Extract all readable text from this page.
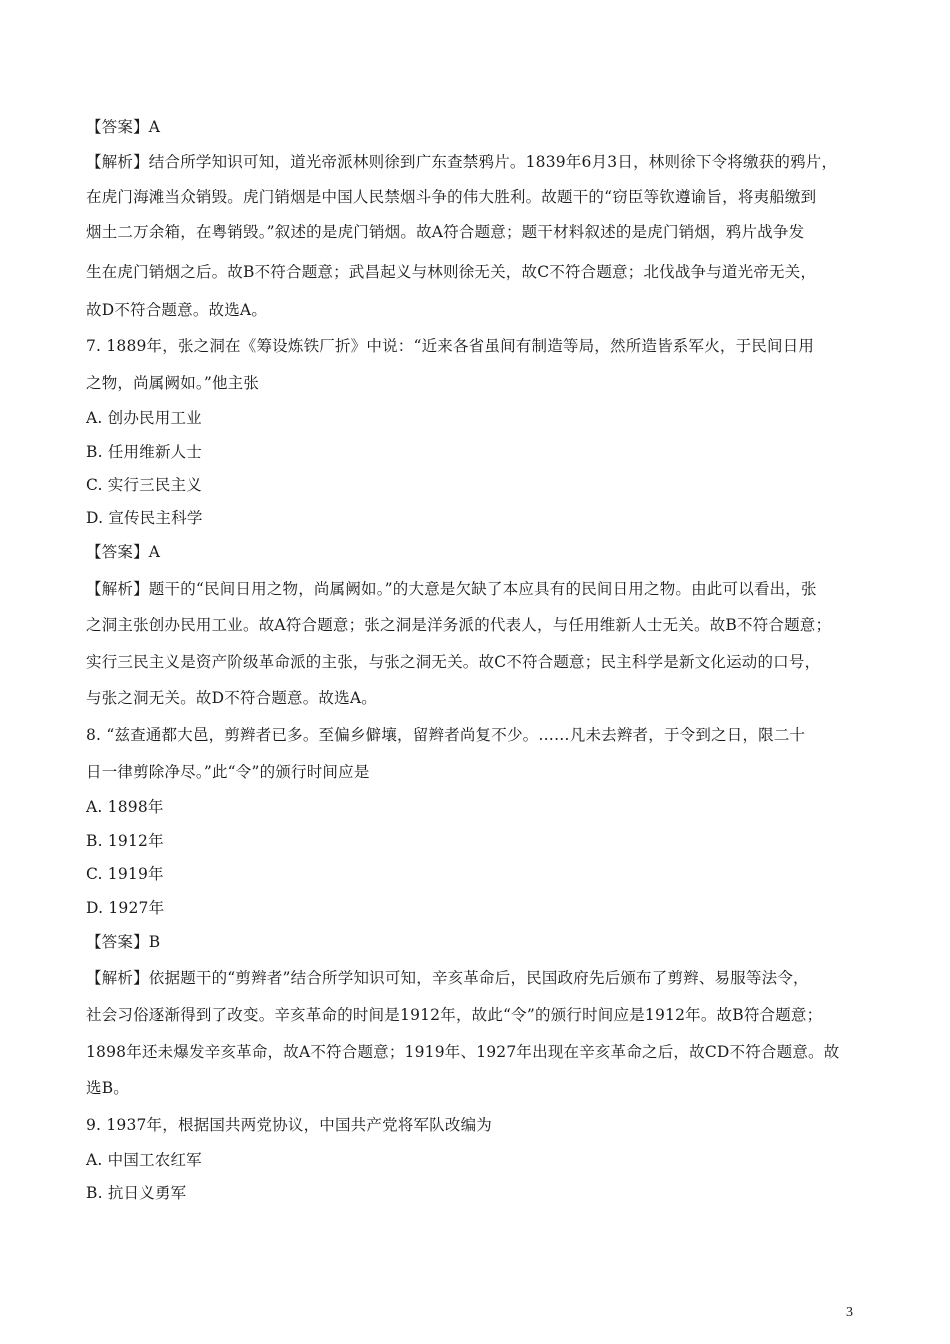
【答案】A
【解析】结合所学知识可知，道光帝派林则徐到广东查禁鸦片。1839年6月3日，林则徐下令将缴获的鸦片，
在虎门海滩当众销毁。虎门销烟是中国人民禁烟斗争的伟大胜利。故题干的“窃臣等钦遵谕旨，将夷船缴到
烟土二万余箱，在粤销毁。”叙述的是虎门销烟。故A符合题意；题干材料叙述的是虎门销烟，鸦片战争发
生在虎门销烟之后。故B不符合题意；武昌起义与林则徐无关，故C不符合题意；北伐战争与道光帝无关，
故D不符合题意。故选A。
7. 1889年，张之洞在《筹设炼铁厂折》中说：“近来各省虽间有制造等局，然所造皆系军火，于民间日用
之物，尚属阙如。”他主张
A. 创办民用工业
B. 任用维新人士
C. 实行三民主义
D. 宣传民主科学
【答案】A
【解析】题干的“民间日用之物，尚属阙如。”的大意是欠缺了本应具有的民间日用之物。由此可以看出，张
之洞主张创办民用工业。故A符合题意；张之洞是洋务派的代表人，与任用维新人士无关。故B不符合题意；
实行三民主义是资产阶级革命派的主张，与张之洞无关。故C不符合题意；民主科学是新文化运动的口号，
与张之洞无关。故D不符合题意。故选A。
8. “兹查通都大邑，剪辫者已多。至偏乡僻壤，留辫者尚复不少。……凡未去辫者，于令到之日，限二十
日一律剪除净尽。”此“令”的颁行时间应是
A. 1898年
B. 1912年
C. 1919年
D. 1927年
【答案】B
【解析】依据题干的“剪辫者”结合所学知识可知，辛亥革命后，民国政府先后颁布了剪辫、易服等法令，
社会习俗逐渐得到了改变。辛亥革命的时间是1912年，故此“令”的颁行时间应是1912年。故B符合题意；
1898年还未爆发辛亥革命，故A不符合题意；1919年、1927年出现在辛亥革命之后，故CD不符合题意。故
选B。
9. 1937年，根据国共两党协议，中国共产党将军队改编为
A. 中国工农红军
B. 抗日义勇军
3
